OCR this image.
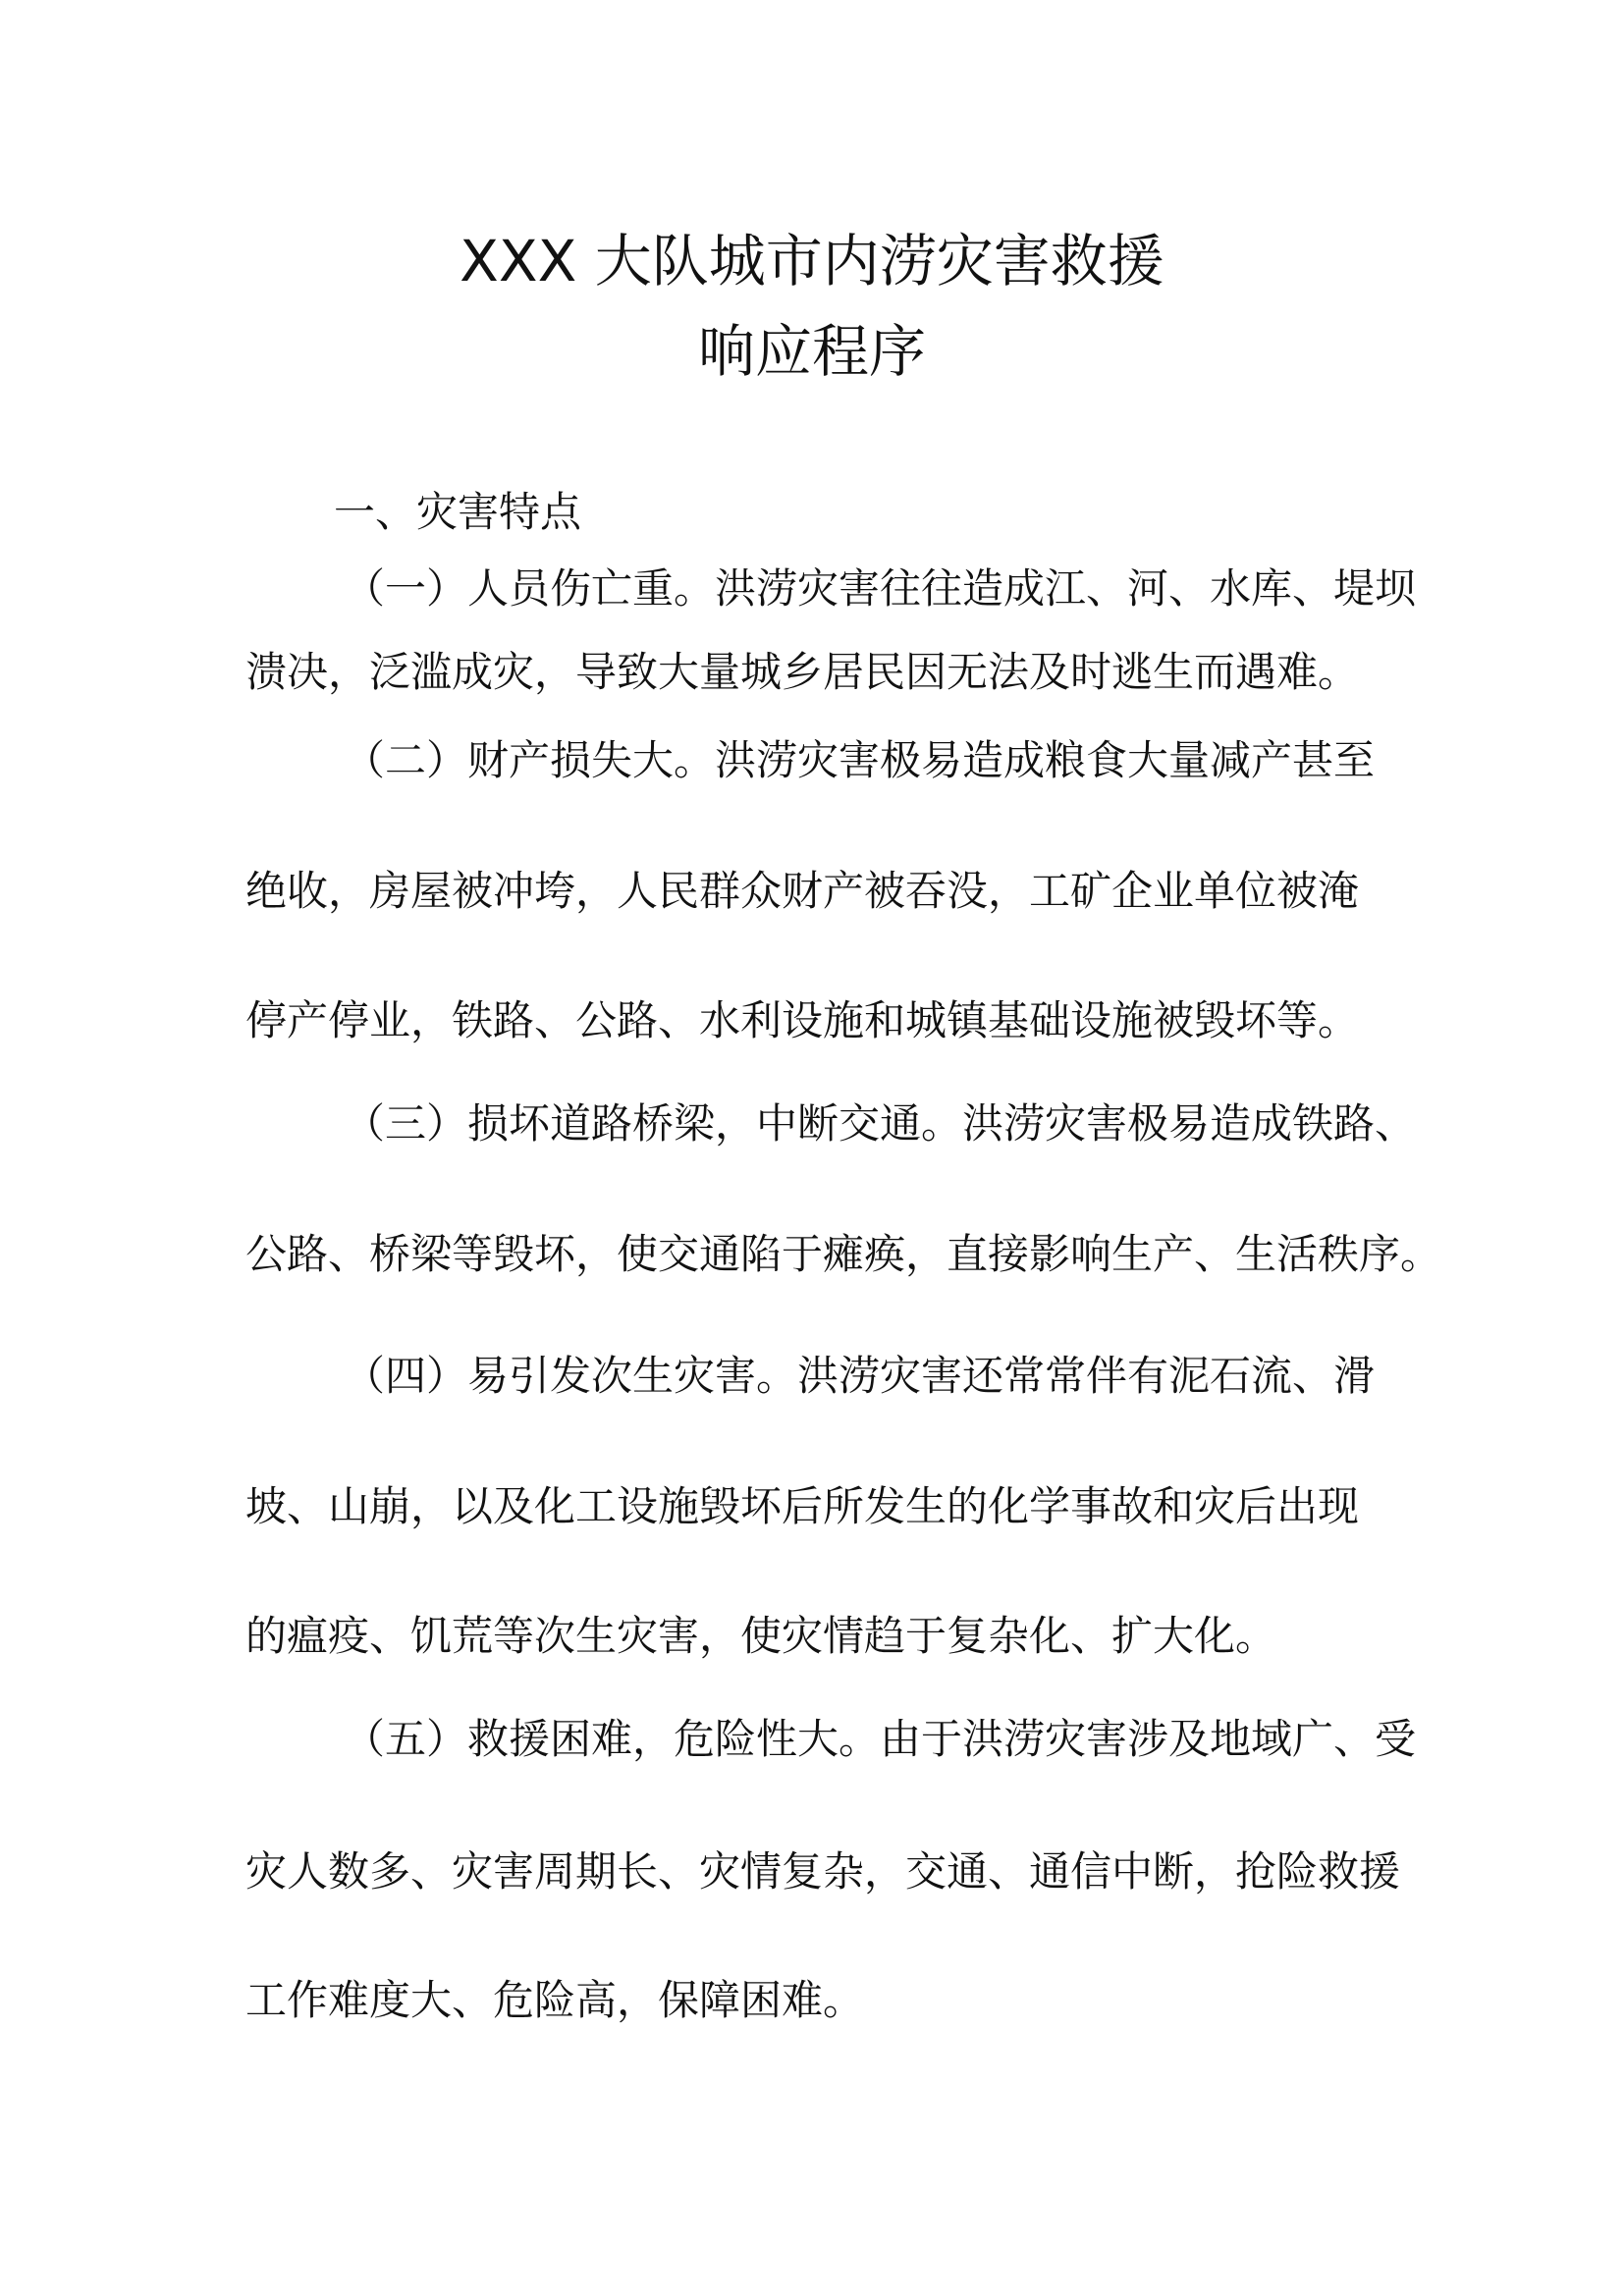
XXX 大队城市内涝灾害救援
响应程序

一、灾害特点

（一）人员伤亡重。洪涝灾害往往造成江、河、水库、堤坝

溃决，泛滥成灾，导致大量城乡居民因无法及时逃生而遇难。

（二）财产损失大。洪涝灾害极易造成粮食大量减产甚至

绝收，房屋被冲垮，人民群众财产被吞没，工矿企业单位被淹

停产停业，铁路、公路、水利设施和城镇基础设施被毁坏等。

（三）损坏道路桥梁，中断交通。洪涝灾害极易造成铁路、

公路、桥梁等毁坏，使交通陷于瘫痪，直接影响生产、生活秩序。

（四）易引发次生灾害。洪涝灾害还常常伴有泥石流、滑

坡、山崩，以及化工设施毁坏后所发生的化学事故和灾后出现

的瘟疫、饥荒等次生灾害，使灾情趋于复杂化、扩大化。

（五）救援困难，危险性大。由于洪涝灾害涉及地域广、受

灾人数多、灾害周期长、灾情复杂，交通、通信中断，抢险救援

工作难度大、危险高，保障困难。
